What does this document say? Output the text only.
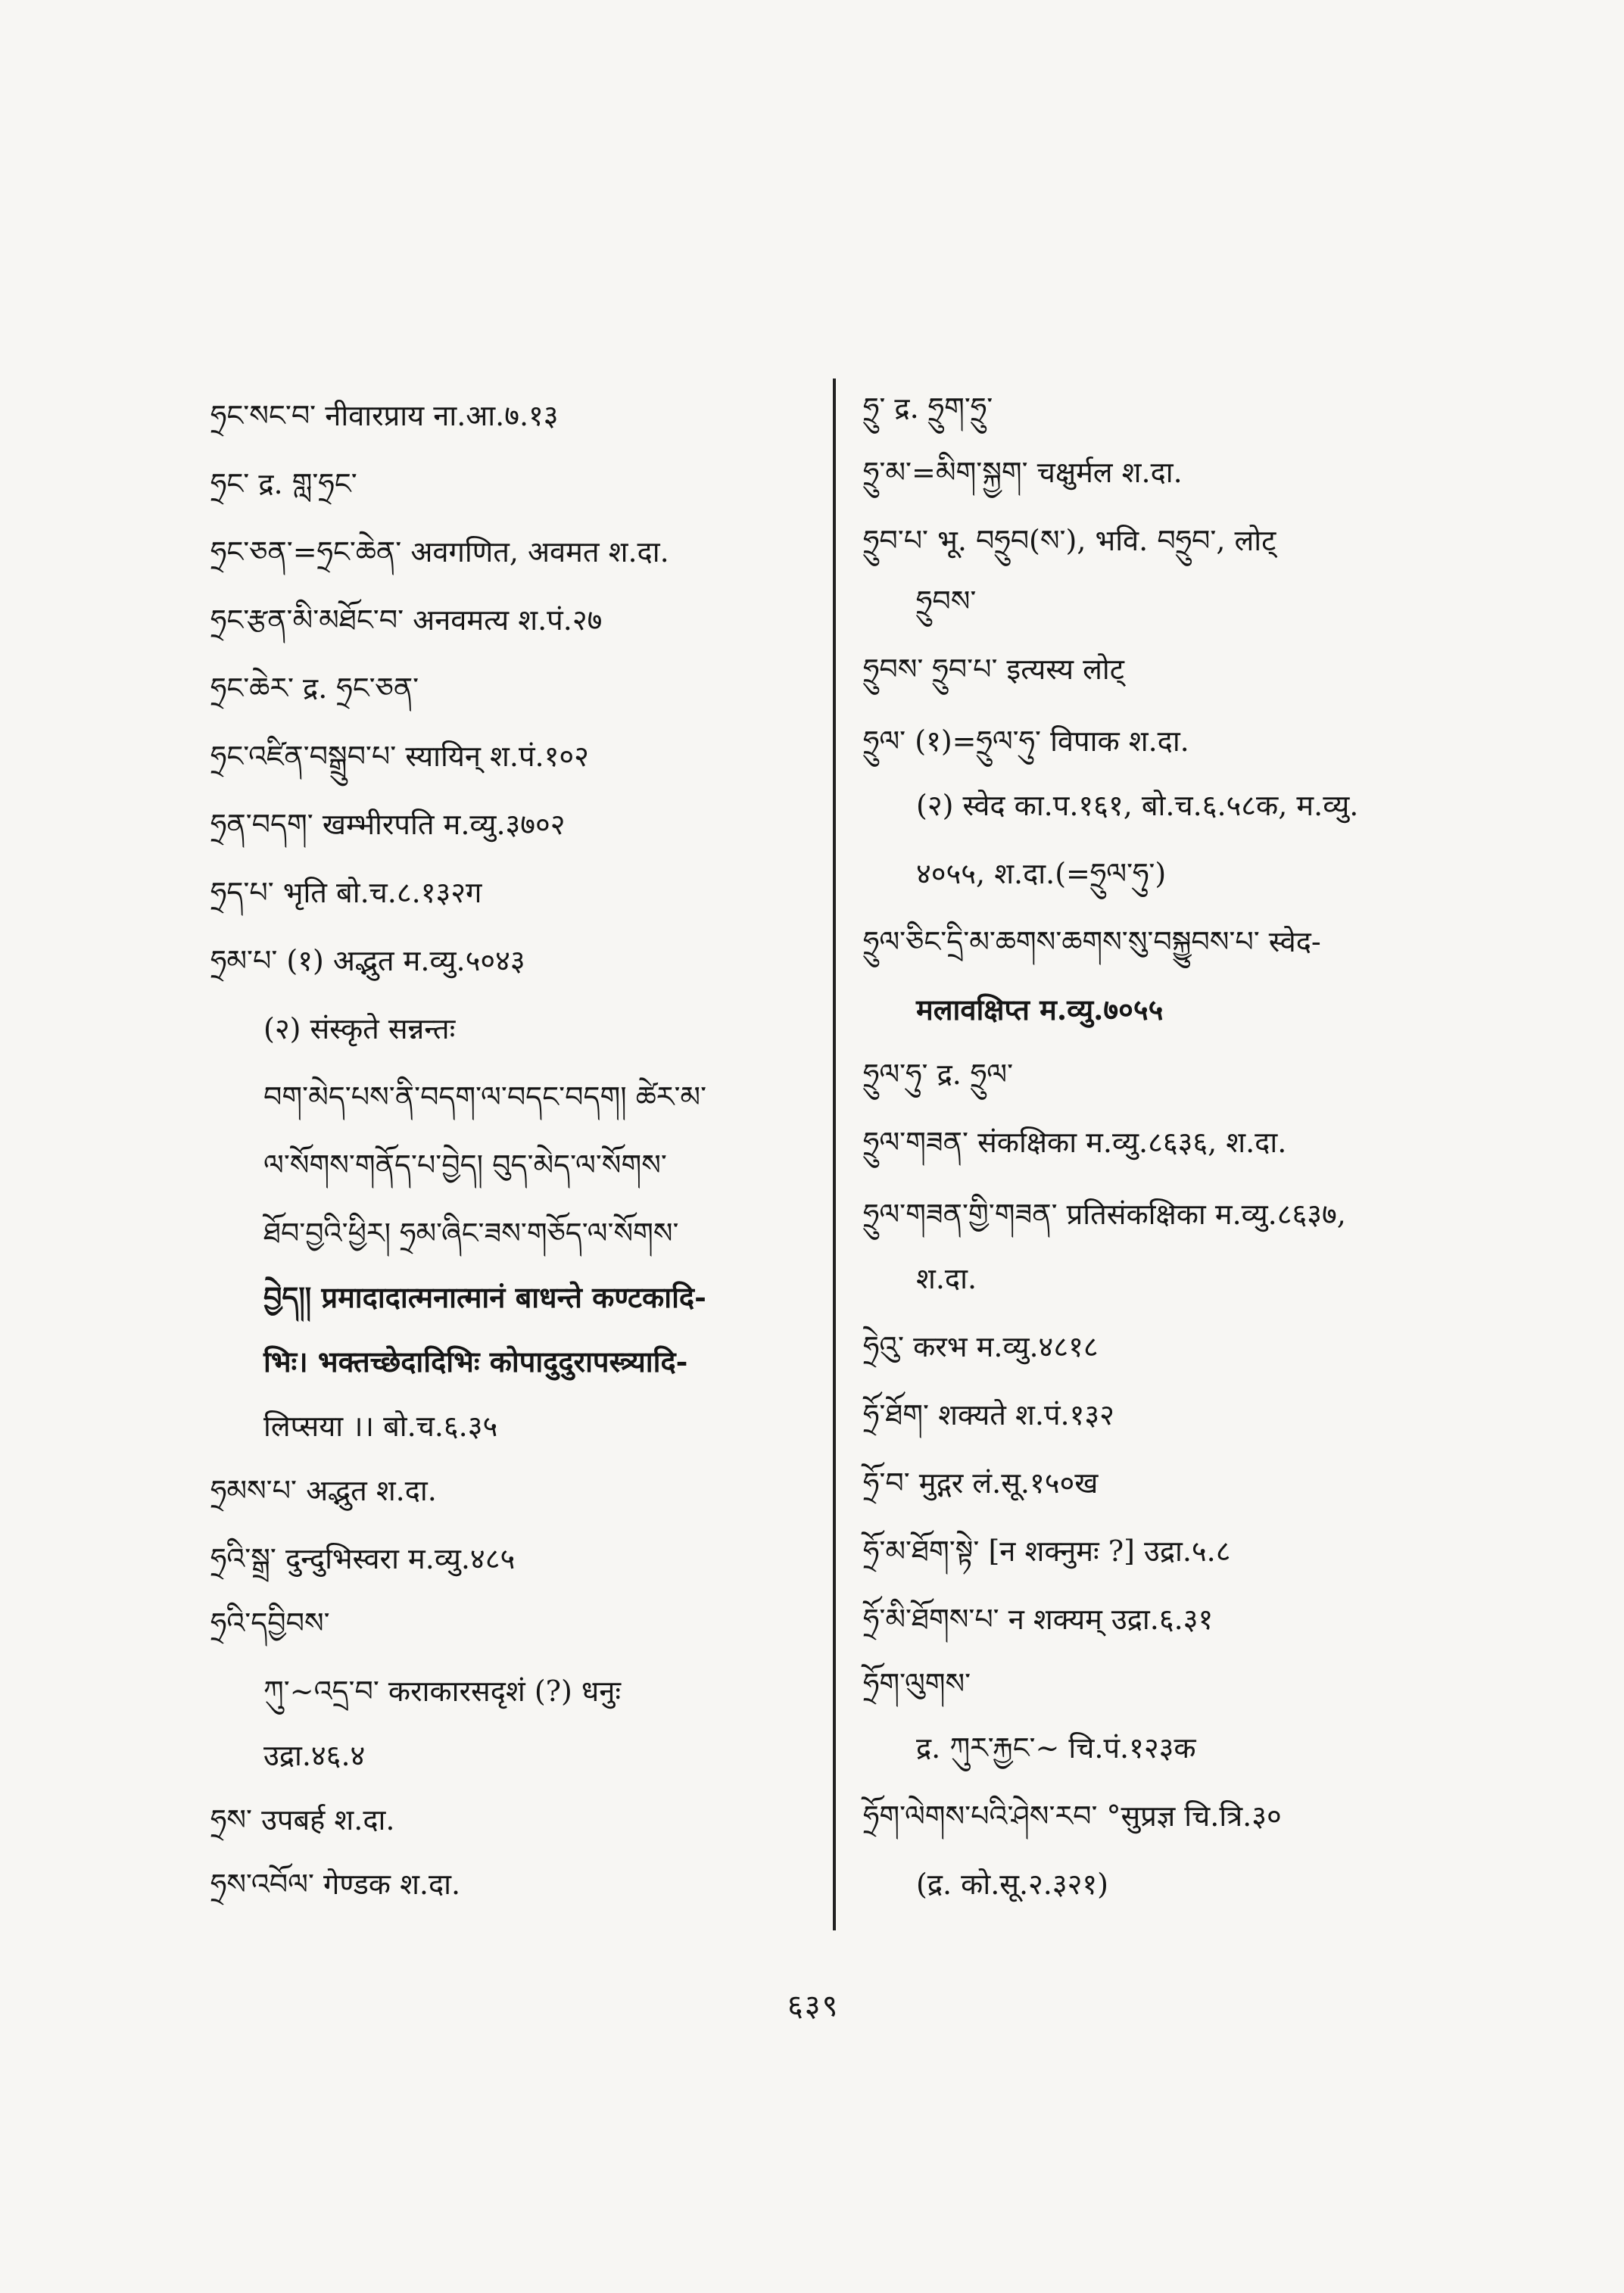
ཧྲང་སང་བ་ नीवारप्राय ना.आ.७.१३
ཧྲང་ द्र. གླ་ཧྲང་
ཧྲང་ཅན་=ཧྲང་ཆེན་ अवगणित, अवमत श.दा.
ཧྲང་རྩན་མི་མཐོང་བ་ अनवमत्य श.पं.२७
ཧྲང་ཆེར་ द्र. ཧྲང་ཅན་
ཧྲང་འཛིན་བསྒྲུབ་པ་ स्यायिन् श.पं.१०२
ཧྲན་བདག་ खम्भीरपति म.व्यु.३७०२
ཧྲད་པ་ भृति बो.च.८.१३२ग
ཧྲམ་པ་ (१) अद्भुत म.व्यु.५०४३
(२) संस्कृते सन्नन्तः
བག་མེད་པས་ནི་བདག་ལ་བདང་བདག། ཚེར་མ་
ལ་སོགས་གནོད་པ་བྱེད། བུད་མེད་ལ་སོགས་
ཐོབ་བྱའི་ཕྱིར། ཧྲམ་ཞིང་ཟས་གཅོད་ལ་སོགས་
བྱེད།། प्रमादादात्मनात्मानं बाधन्ते कण्टकादि-
भिः। भक्तच्छेदादिभिः कोपादुदुरापस्त्र्यादि-
लिप्सया ।। बो.च.६.३५
ཧྲམས་པ་ अद्भुत श.दा.
ཧྲའི་སྒྲ་ दुन्दुभिस्वरा म.व्यु.४८५
ཧྲའི་དབྱིབས་
ཀུ་~འདྲ་བ་ कराकारसदृशं (?) धनुः
उद्रा.४६.४
ཧྲས་ उपबर्ह श.दा.
ཧྲས་འབོལ་ गेण्डक श.दा.
ཧྲུ་ द्र. ཧྲུག་ཧྲུ་
ཧྲུ་མ་=མིག་སྐྱག་ चक्षुर्मल श.दा.
ཧྲུབ་པ་ भू. བཧྲུབ(ས་), भवि. བཧྲུབ་, लोट्
ཧྲུབས་
ཧྲུབས་ ཧྲུབ་པ་ इत्यस्य लोट्
ཧྲུལ་ (१)=ཧྲུལ་ཧུ་ विपाक श.दा.
(२) स्वेद का.प.१६१, बो.च.६.५८क, म.व्यु.
४०५५, श.दा.(=ཧྲུལ་ཧུ་)
ཧྲུལ་ཅིང་དྲི་མ་ཆགས་ཆགས་སུ་བསྐྱུབས་པ་ स्वेद-
मलावक्षिप्त म.व्यु.७०५५
ཧྲུལ་ཧུ་ द्र. ཧྲུལ་
ཧྲུལ་གཟན་ संकक्षिका म.व्यु.८६३६, श.दा.
ཧྲུལ་གཟན་གྱི་གཟན་ प्रतिसंकक्षिका म.व्यु.८६३७,
श.दा.
ཧྲེའུ་ करभ म.व्यु.४८१८
ཧྲོ་ཐོག་ शक्यते श.पं.१३२
ཧྲོ་བ་ मुद्गर लं.सू.१५०ख
ཧྲོ་མ་ཐོག་སྟེ་ [न शक्नुमः ?] उद्रा.५.८
ཧྲོ་མི་ཐོགས་པ་ न शक्यम् उद्रा.६.३१
ཧྲོག་ལུགས་
द्र. ཀུར་རྐྱང་~ चि.पं.१२३क
ཧྲོག་ལེགས་པའི་ཤེས་རབ་ °सुप्रज्ञ चि.त्रि.३०
(द्र. को.सू.२.३२१)
६३९
